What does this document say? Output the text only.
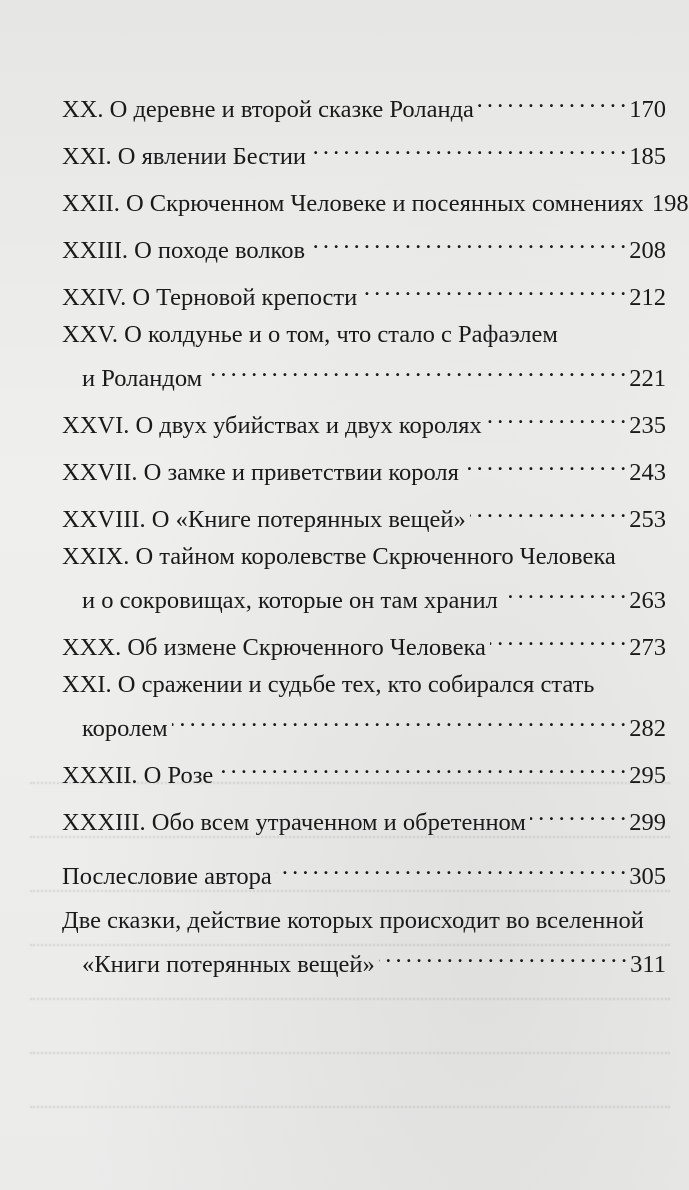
XX. О деревне и второй сказке Роланда . . .	170
XXI. О явлении Бестии . . .	185
XXII. О Скрюченном Человеке и посеянных сомнениях 198
XXIII. О походе волков . . .	208
XXIV. О Терновой крепости . . .	212
XXV. О колдунье и о том, что стало с Рафаэлем
и Роландом . . .	221
XXVI. О двух убийствах и двух королях . . .	235
XXVII. О замке и приветствии короля . . .	243
XXVIII. О «Книге потерянных вещей» . . .	253
XXIX. О тайном королевстве Скрюченного Человека
и о сокровищах, которые он там хранил . . .	263
XXX. Об измене Скрюченного Человека . . .	273
XXI. О сражении и судьбе тех, кто собирался стать
королем . . .	282
XXXII. О Розе . . .	295
XXXIII. Обо всем утраченном и обретенном . . .	299
Послесловие автора . . .	305
Две сказки, действие которых происходит во вселенной
«Книги потерянных вещей» . . .	311
